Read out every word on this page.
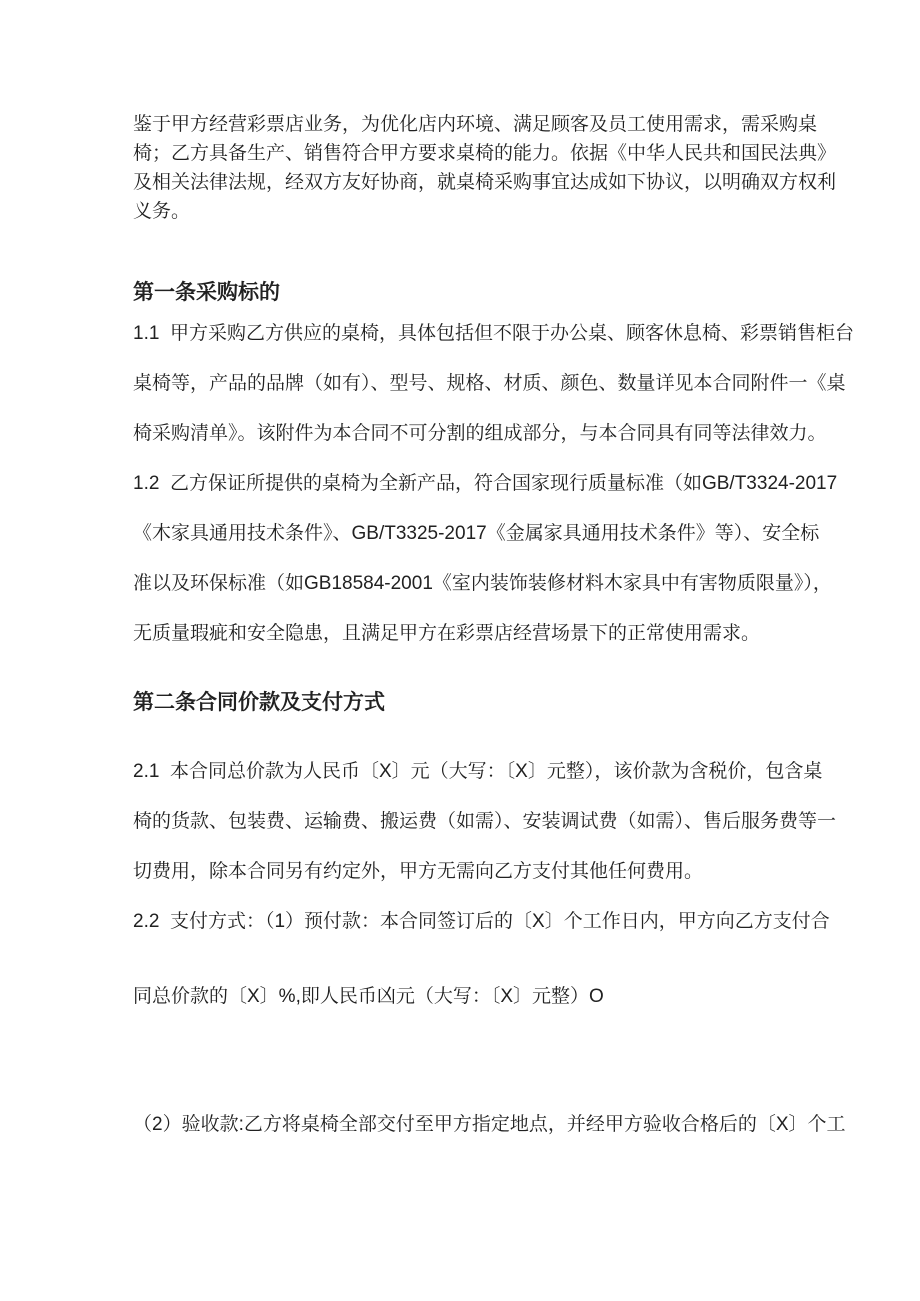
鉴于甲方经营彩票店业务，为优化店内环境、满足顾客及员工使用需求，需采购桌
椅；乙方具备生产、销售符合甲方要求桌椅的能力。依据《中华人民共和国民法典》
及相关法律法规，经双方友好协商，就桌椅采购事宜达成如下协议，以明确双方权利
义务。
第一条采购标的
1.1  甲方采购乙方供应的桌椅，具体包括但不限于办公桌、顾客休息椅、彩票销售柜台
桌椅等，产品的品牌（如有）、型号、规格、材质、颜色、数量详见本合同附件一《桌
椅采购清单》。该附件为本合同不可分割的组成部分，与本合同具有同等法律效力。
1.2  乙方保证所提供的桌椅为全新产品，符合国家现行质量标准（如GB/T3324-2017
《木家具通用技术条件》、GB/T3325-2017《金属家具通用技术条件》等）、安全标
准以及环保标准（如GB18584-2001《室内装饰装修材料木家具中有害物质限量》），
无质量瑕疵和安全隐患，且满足甲方在彩票店经营场景下的正常使用需求。
第二条合同价款及支付方式
2.1  本合同总价款为人民币〔X〕元（大写：〔X〕元整），该价款为含税价，包含桌
椅的货款、包装费、运输费、搬运费（如需）、安装调试费（如需）、售后服务费等一
切费用，除本合同另有约定外，甲方无需向乙方支付其他任何费用。
2.2  支付方式：（1）预付款：本合同签订后的〔X〕个工作日内，甲方向乙方支付合
同总价款的〔X〕%,即人民币凶元（大写：〔X〕元整）O
（2）验收款:乙方将桌椅全部交付至甲方指定地点，并经甲方验收合格后的〔X〕个工
